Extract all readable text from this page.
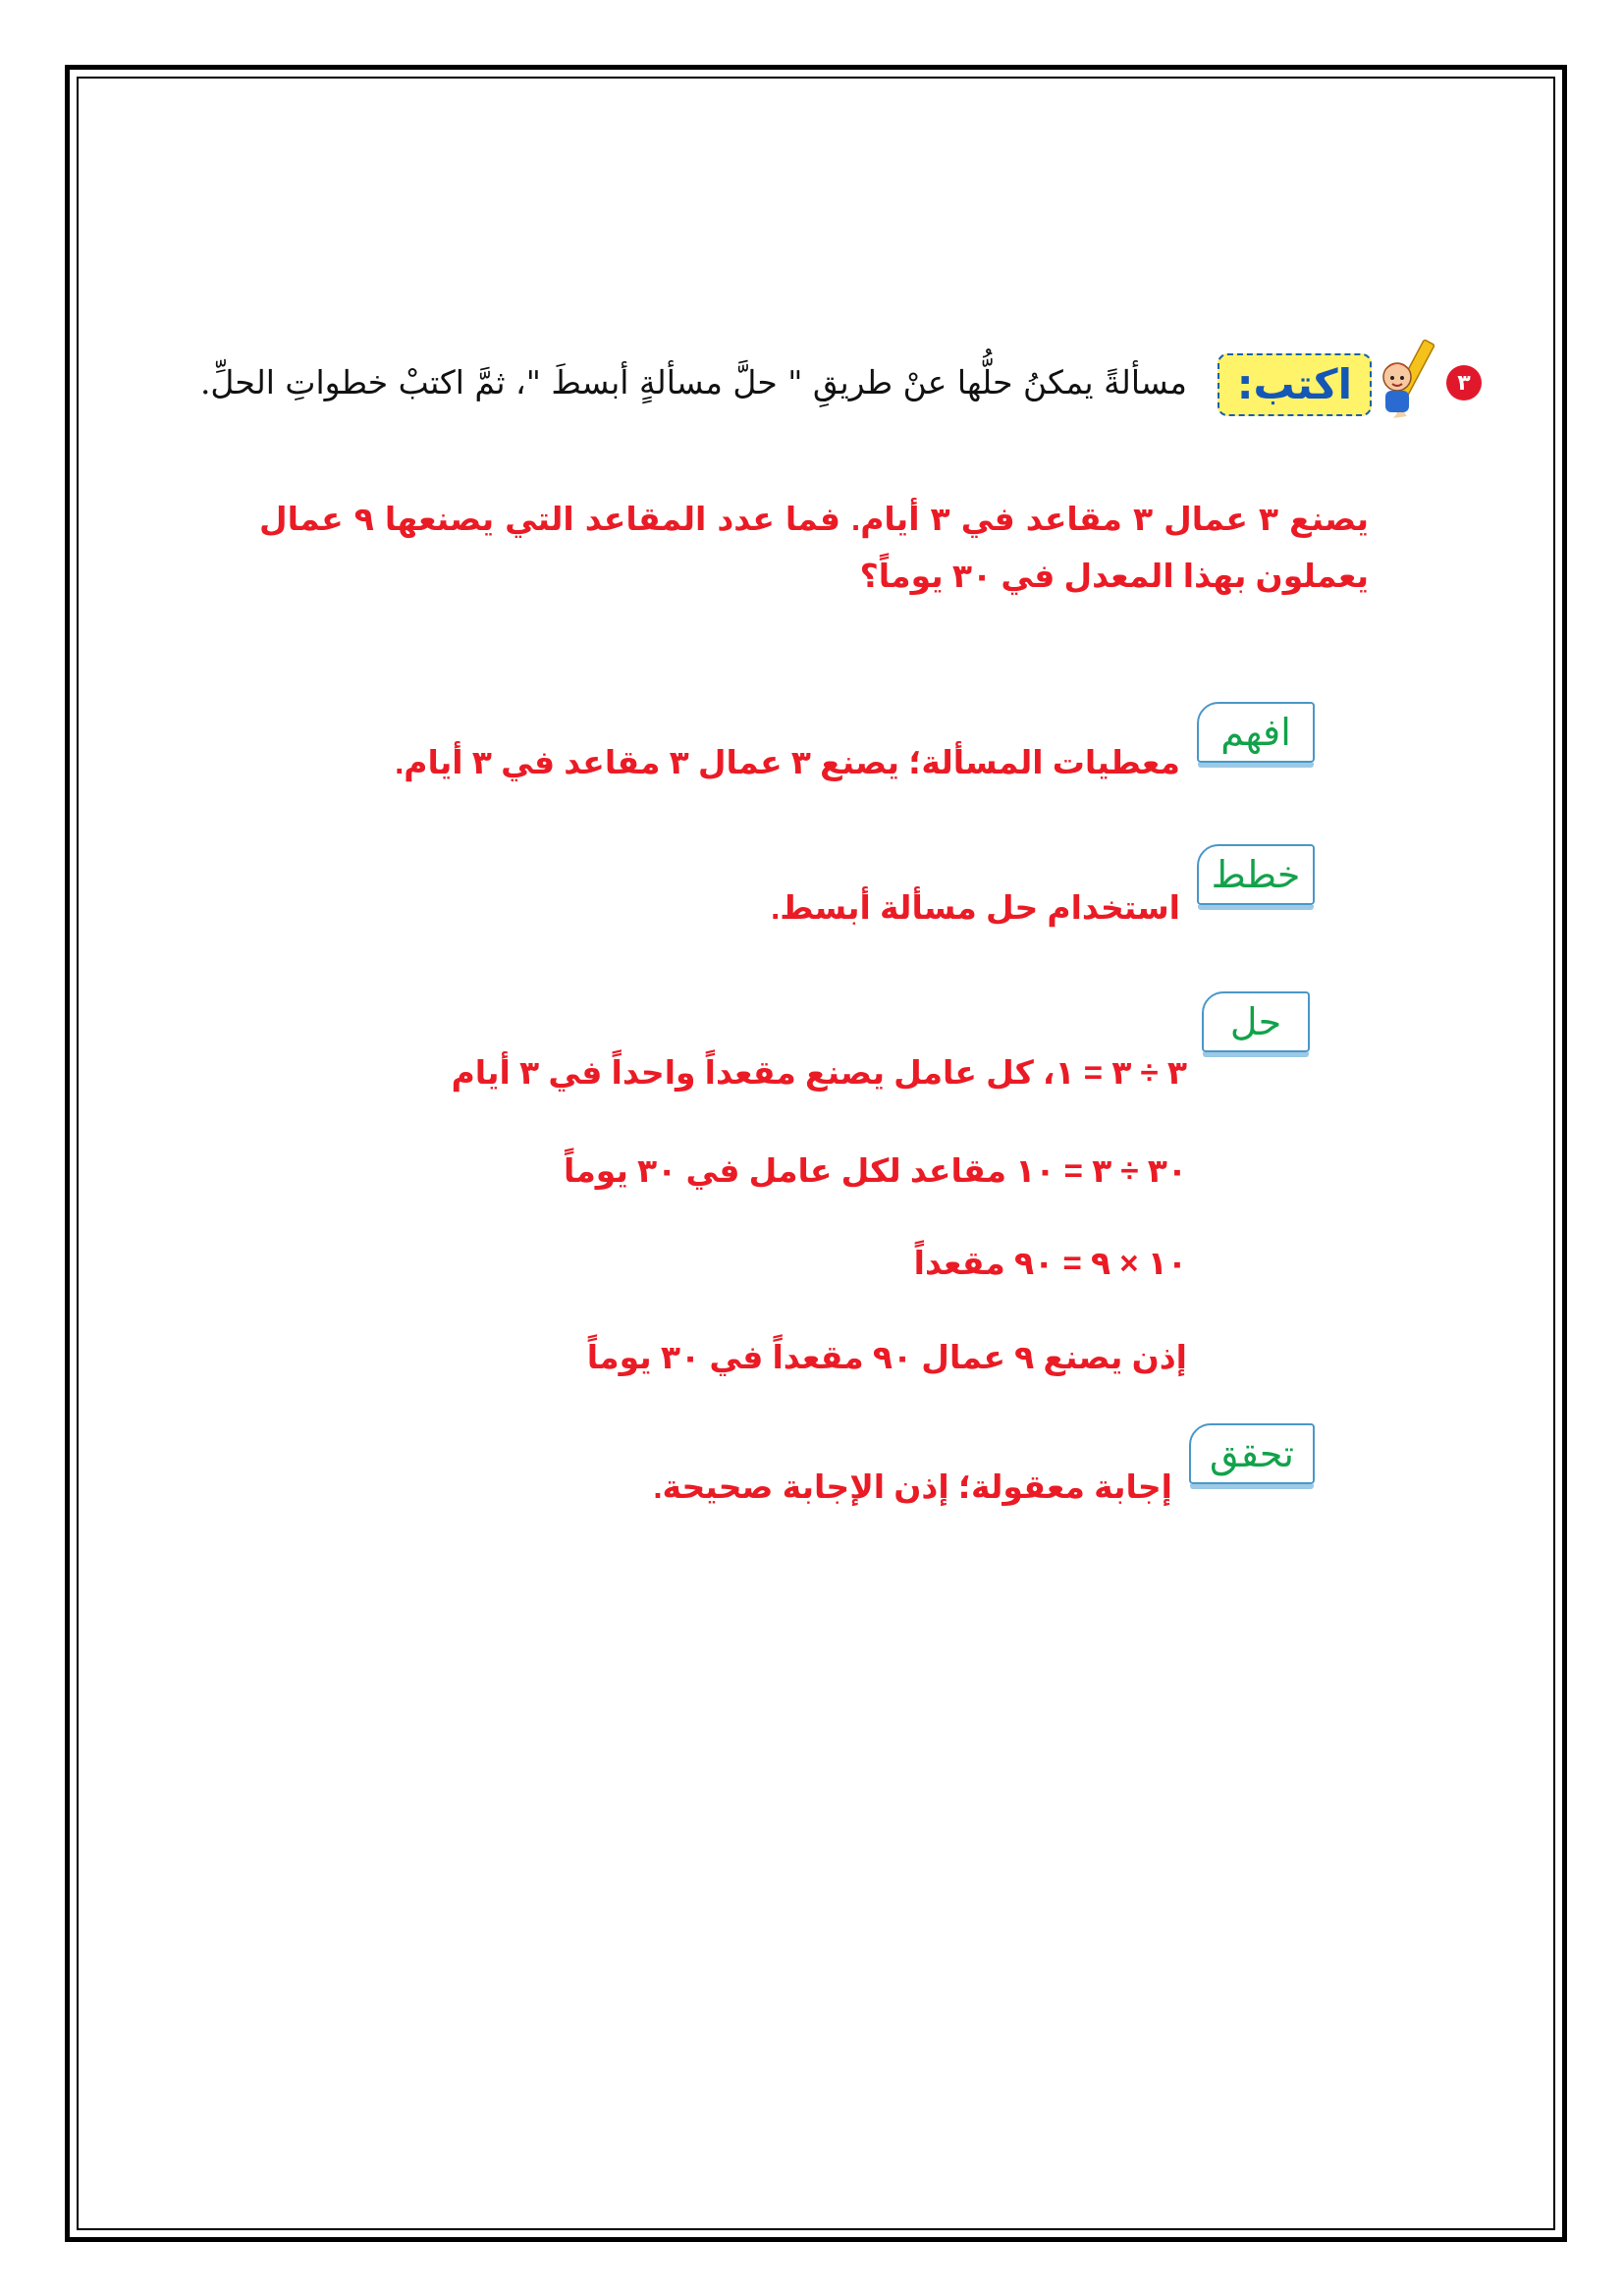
٣
اكتب:
مسألةً يمكنُ حلُّها عنْ طريقِ " حلَّ مسألةٍ أبسطَ "، ثمَّ اكتبْ خطواتِ الحلِّ.
يصنع ٣ عمال ٣ مقاعد في ٣ أيام. فما عدد المقاعد التي يصنعها ٩ عمال يعملون بهذا المعدل في ٣٠ يوماً؟
افهم
معطيات المسألة؛ يصنع ٣ عمال ٣ مقاعد في ٣ أيام.
خطط
استخدام حل مسألة أبسط.
حل
٣ ÷ ٣ = ١، كل عامل يصنع مقعداً واحداً في ٣ أيام
٣٠ ÷ ٣ = ١٠ مقاعد لكل عامل في ٣٠ يوماً
١٠ × ٩ = ٩٠ مقعداً
إذن يصنع ٩ عمال ٩٠ مقعداً في ٣٠ يوماً
تحقق
إجابة معقولة؛ إذن الإجابة صحيحة.
